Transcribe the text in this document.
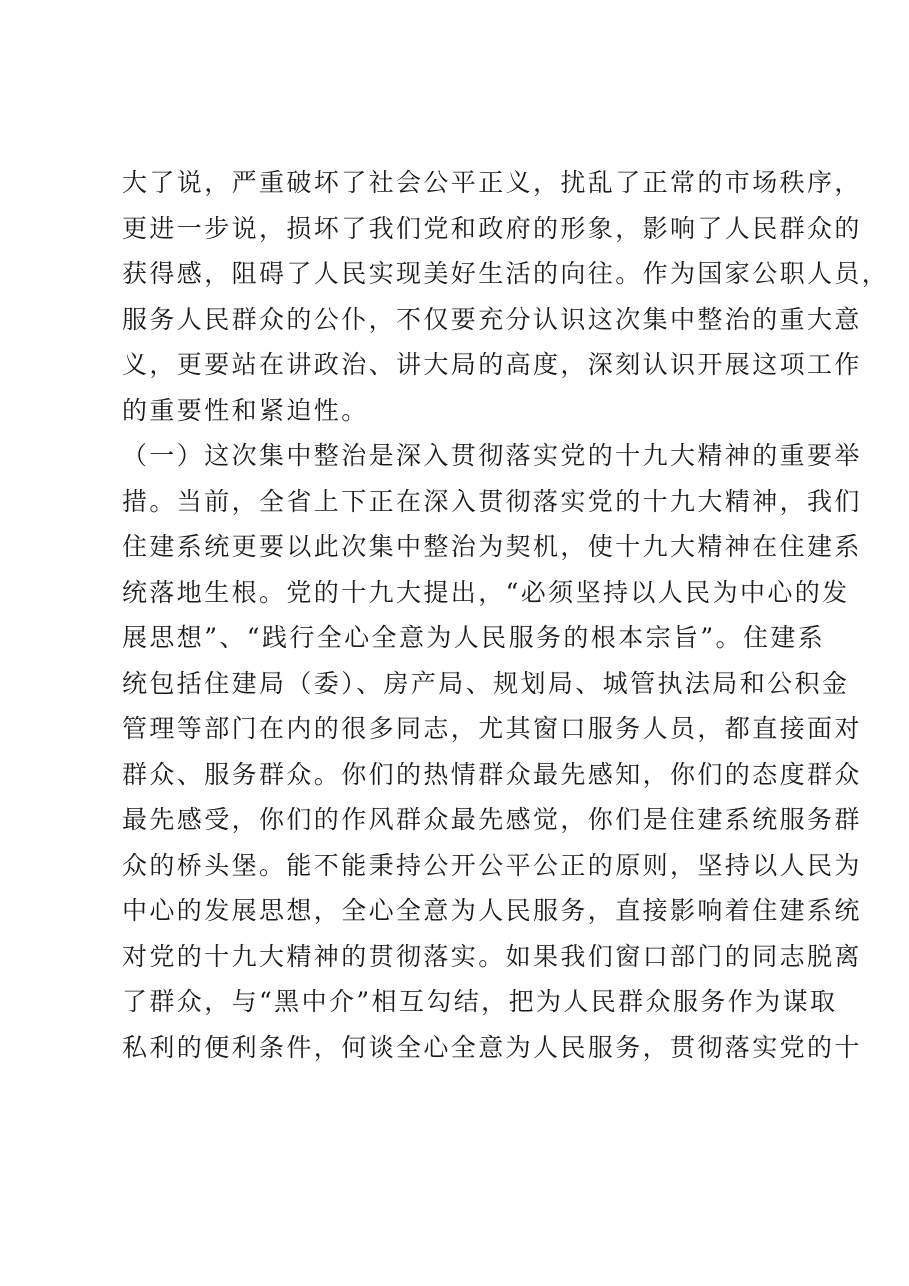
大了说，严重破坏了社会公平正义，扰乱了正常的市场秩序，
更进一步说，损坏了我们党和政府的形象，影响了人民群众的
获得感，阻碍了人民实现美好生活的向往。作为国家公职人员，
服务人民群众的公仆，不仅要充分认识这次集中整治的重大意
义，更要站在讲政治、讲大局的高度，深刻认识开展这项工作
的重要性和紧迫性。
（一）这次集中整治是深入贯彻落实党的十九大精神的重要举
措。当前，全省上下正在深入贯彻落实党的十九大精神，我们
住建系统更要以此次集中整治为契机，使十九大精神在住建系
统落地生根。党的十九大提出，“必须坚持以人民为中心的发
展思想”、“践行全心全意为人民服务的根本宗旨”。住建系
统包括住建局（委）、房产局、规划局、城管执法局和公积金
管理等部门在内的很多同志，尤其窗口服务人员，都直接面对
群众、服务群众。你们的热情群众最先感知，你们的态度群众
最先感受，你们的作风群众最先感觉，你们是住建系统服务群
众的桥头堡。能不能秉持公开公平公正的原则，坚持以人民为
中心的发展思想，全心全意为人民服务，直接影响着住建系统
对党的十九大精神的贯彻落实。如果我们窗口部门的同志脱离
了群众，与“黑中介”相互勾结，把为人民群众服务作为谋取
私利的便利条件，何谈全心全意为人民服务，贯彻落实党的十
